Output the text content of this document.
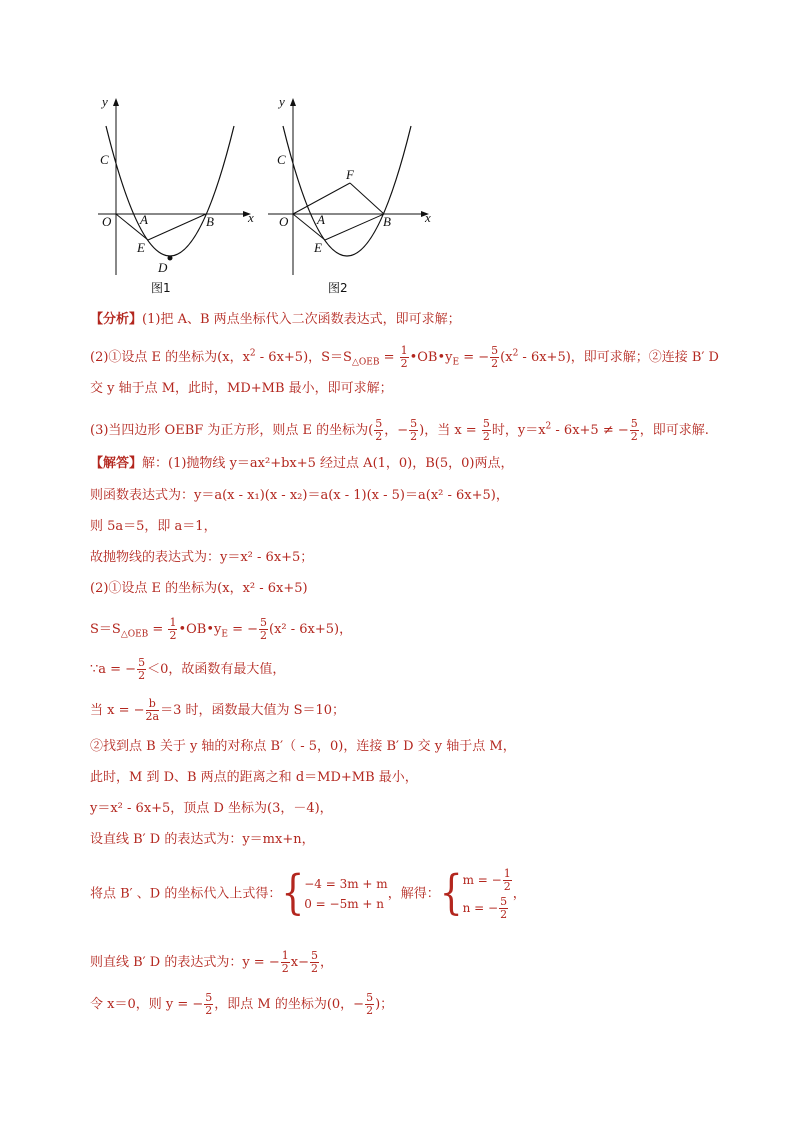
y
x
C
O A	B
E
D
图1
y
x
C
O A	B
E
F
图2
【分析】(1)把 A、B 两点坐标代入二次函数表达式，即可求解；
(2)①设点 E 的坐标为(x，$x^2 - 6x+5$)，$S=S_{\triangle OEB} = \frac{1}{2}$ $•OB•y_E$ = − $\frac{5}{2} (x^2 - 6x+5)$，即可求解；②连接 B′ D
交 y 轴于点 M，此时，MD+MB 最小，即可求解；
(3)当四边形 OEBF 为正方形，则点 E 的坐标为( $\frac{5}{2}$ ，− $\frac{5}{2}$ )，当 $x = \frac{5}{2}$ 时，$y=x^2 - 6x+5$ ≠ − $\frac{5}{2}$ ，即可求解.
【解答】解：(1)抛物线 y＝ax²+bx+5 经过点 A(1，0)，B(5，0)两点，
则函数表达式为：y＝a(x - x₁)(x - x₂)＝a(x - 1)(x - 5)＝a(x² - 6x+5)，
则 5a＝5，即 a＝1，
故抛物线的表达式为：y＝x² - 6x+5；
(2)①设点 E 的坐标为(x，x² - 6x+5)
$S=S_{\triangle OEB} = \frac{1}{2}$ $•OB•y_E$ = − $\frac{5}{2} (x^2 - 6x+5)$，
∵a = − $\frac{5}{2} <0$，故函数有最大值，
当 x = − $\frac{b}{2a} =3$ 时，函数最大值为 S＝10；
②找到点 B 关于 y 轴的对称点 B′（ - 5，0)，连接 B′ D 交 y 轴于点 M，
此时，M 到 D、B 两点的距离之和 d＝MD+MB 最小，
y＝x² - 6x+5，顶点 D 坐标为(3，－4)，
设直线 B′ D 的表达式为：y＝mx+n，
将点 B′ 、D 的坐标代入上式得：{−4 = 3m + m
0 = −5m + n，解得：{m = − $\frac{1}{2}$

n = − $\frac{5}{2}$
，
则直线 B′ D 的表达式为：y = − $\frac{1}{2} x- \frac{5}{2}$ ，
令 x＝0，则 y = − $\frac{5}{2}$ ，即点 M 的坐标为(0，− $\frac{5}{2}$ )；
